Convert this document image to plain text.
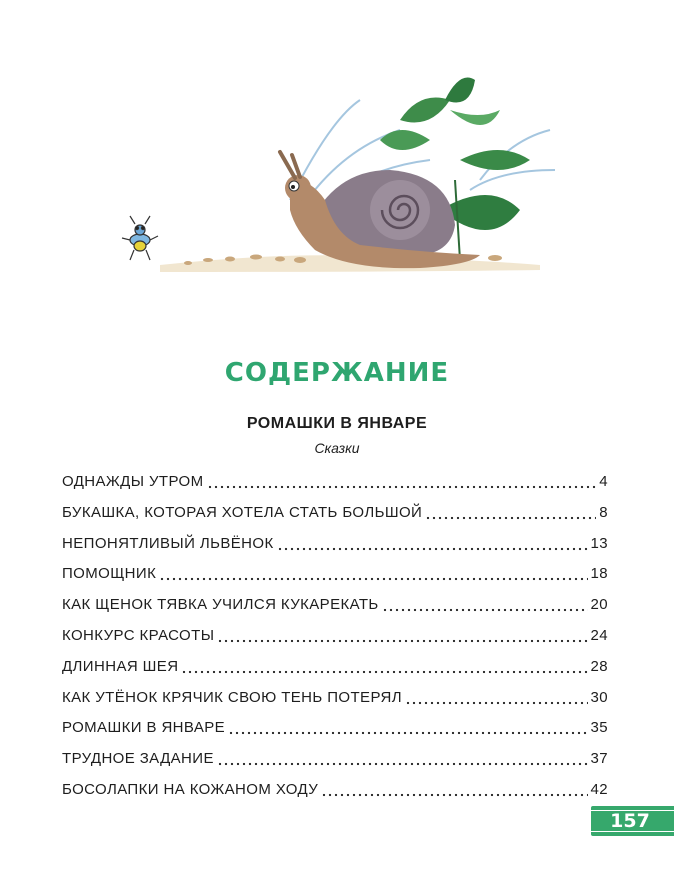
СОДЕРЖАНИЕ
РОМАШКИ В ЯНВАРЕ
Сказки
ОДНАЖДЫ УТРОМ	4
БУКАШКА, КОТОРАЯ ХОТЕЛА СТАТЬ БОЛЬШОЙ	8
НЕПОНЯТЛИВЫЙ ЛЬВЁНОК	13
ПОМОЩНИК	18
КАК ЩЕНОК ТЯВКА УЧИЛСЯ КУКАРЕКАТЬ	20
КОНКУРС КРАСОТЫ	24
ДЛИННАЯ ШЕЯ	28
КАК УТЁНОК КРЯЧИК СВОЮ ТЕНЬ ПОТЕРЯЛ	30
РОМАШКИ В ЯНВАРЕ	35
ТРУДНОЕ ЗАДАНИЕ	37
БОСОЛАПКИ НА КОЖАНОМ ХОДУ	42
157
